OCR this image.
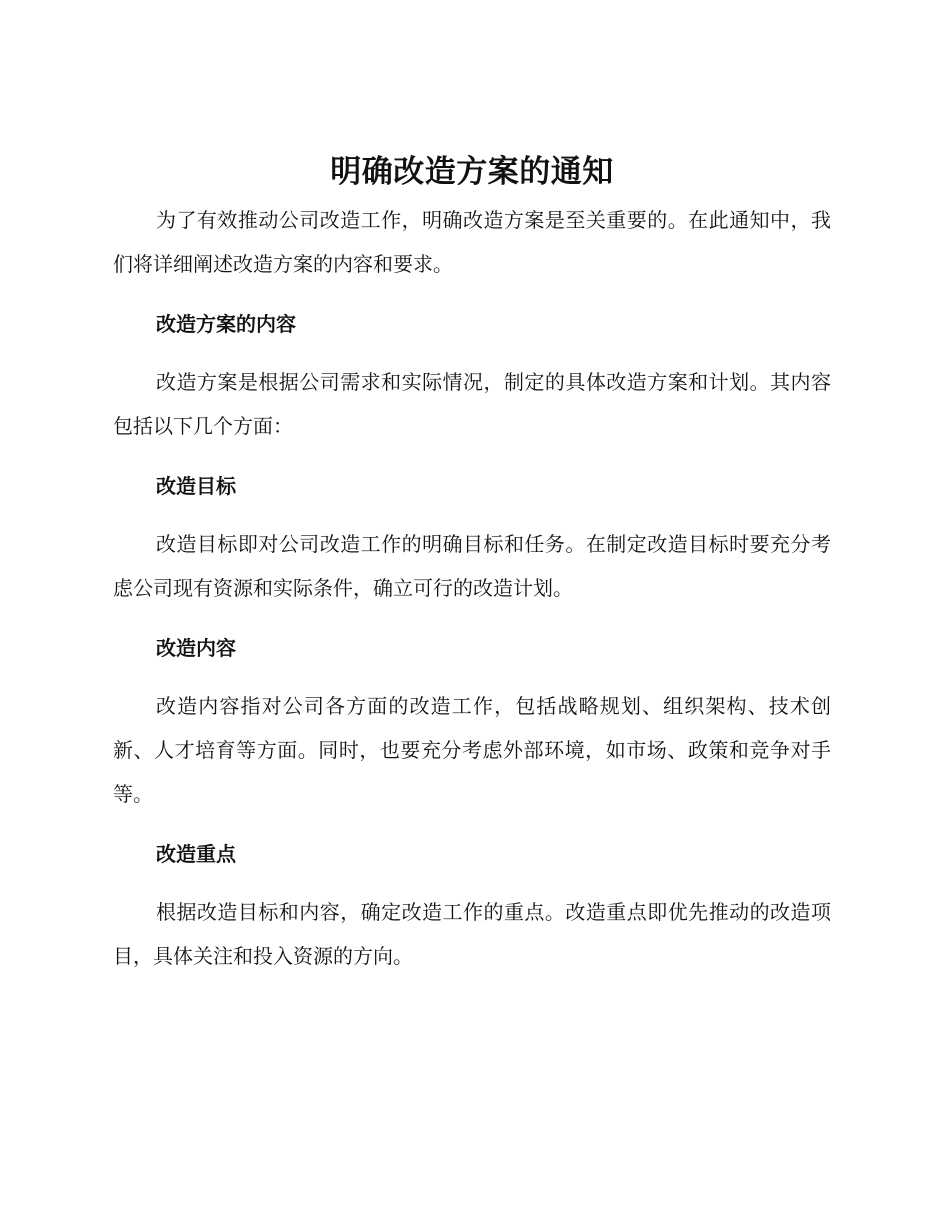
明确改造方案的通知

为了有效推动公司改造工作，明确改造方案是至关重要的。在此通知中，我们将详细阐述改造方案的内容和要求。

改造方案的内容

改造方案是根据公司需求和实际情况，制定的具体改造方案和计划。其内容包括以下几个方面：

改造目标

改造目标即对公司改造工作的明确目标和任务。在制定改造目标时要充分考虑公司现有资源和实际条件，确立可行的改造计划。

改造内容

改造内容指对公司各方面的改造工作，包括战略规划、组织架构、技术创新、人才培育等方面。同时，也要充分考虑外部环境，如市场、政策和竞争对手等。

改造重点

根据改造目标和内容，确定改造工作的重点。改造重点即优先推动的改造项目，具体关注和投入资源的方向。
